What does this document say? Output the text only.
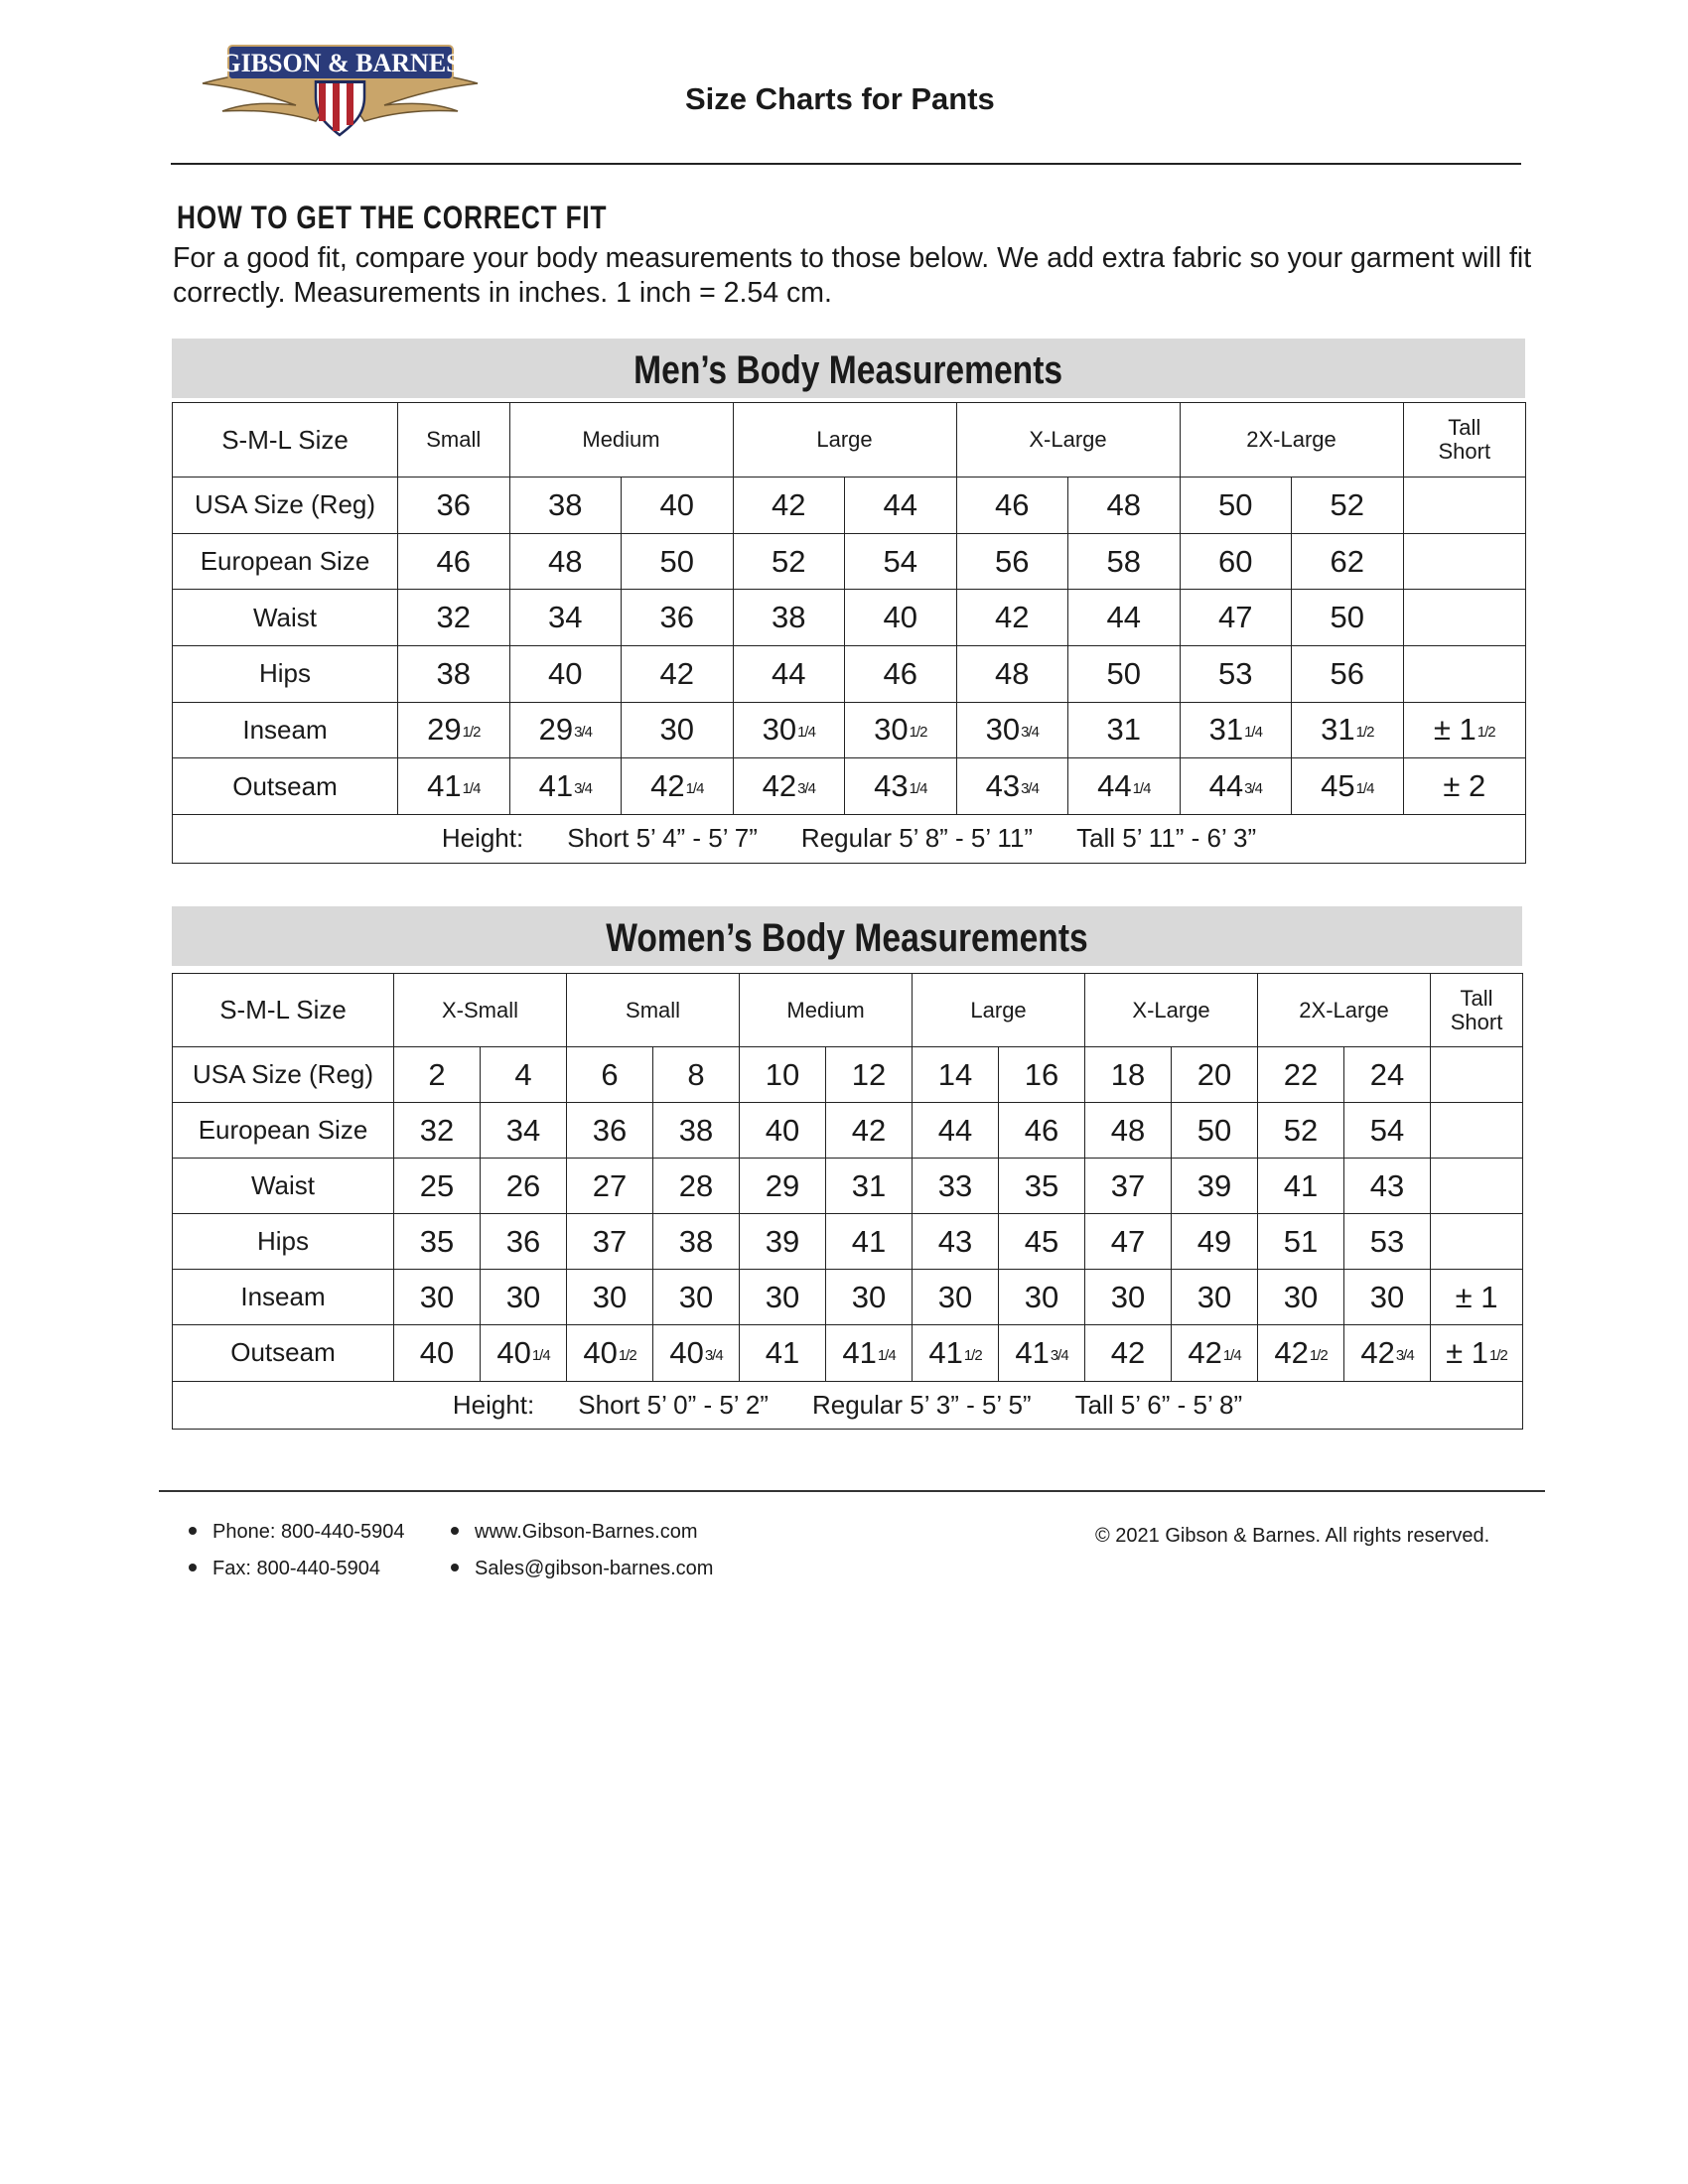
GIBSON & BARNES
Size Charts for Pants
HOW TO GET THE CORRECT FIT
For a good fit, compare your body measurements to those below. We add extra fabric so your garment will fit correctly. Measurements in inches. 1 inch = 2.54 cm.
Men’s Body Measurements
S-M-L Size	Small	Medium		Large		X-Large		2X-Large		Tall
Short

USA Size (Reg)	36	38	40	42	44	46	48	50	52	
European Size	46	48	50	52	54	56	58	60	62	
Waist	32	34	36	38	40	42	44	47	50	
Hips	38	40	42	44	46	48	50	53	56	
Inseam	291/2	293/4	30	301/4	301/2	303/4	31	311/4	311/2	± 11/2
Outseam	411/4	413/4	421/4	423/4	431/4	433/4	441/4	443/4	451/4	± 2
Height: Short 5’ 4” - 5’ 7” Regular 5’ 8” - 5’ 11” Tall 5’ 11” - 6’ 3”										
Women’s Body Measurements
S-M-L Size	X-Small		Small		Medium		Large		X-Large		2X-Large		Tall
Short

USA Size (Reg)	2	4	6	8	10	12	14	16	18	20	22	24	
European Size	32	34	36	38	40	42	44	46	48	50	52	54	
Waist	25	26	27	28	29	31	33	35	37	39	41	43	
Hips	35	36	37	38	39	41	43	45	47	49	51	53	
Inseam	30	30	30	30	30	30	30	30	30	30	30	30	± 1
Outseam	40	401/4	401/2	403/4	41	411/4	411/2	413/4	42	421/4	421/2	423/4	± 11/2
Height: Short 5’ 0” - 5’ 2” Regular 5’ 3” - 5’ 5” Tall 5’ 6” - 5’ 8”													
Phone: 800-440-5904
Fax: 800-440-5904
www.Gibson-Barnes.com
Sales@gibson-barnes.com
© 2021 Gibson & Barnes. All rights reserved.
